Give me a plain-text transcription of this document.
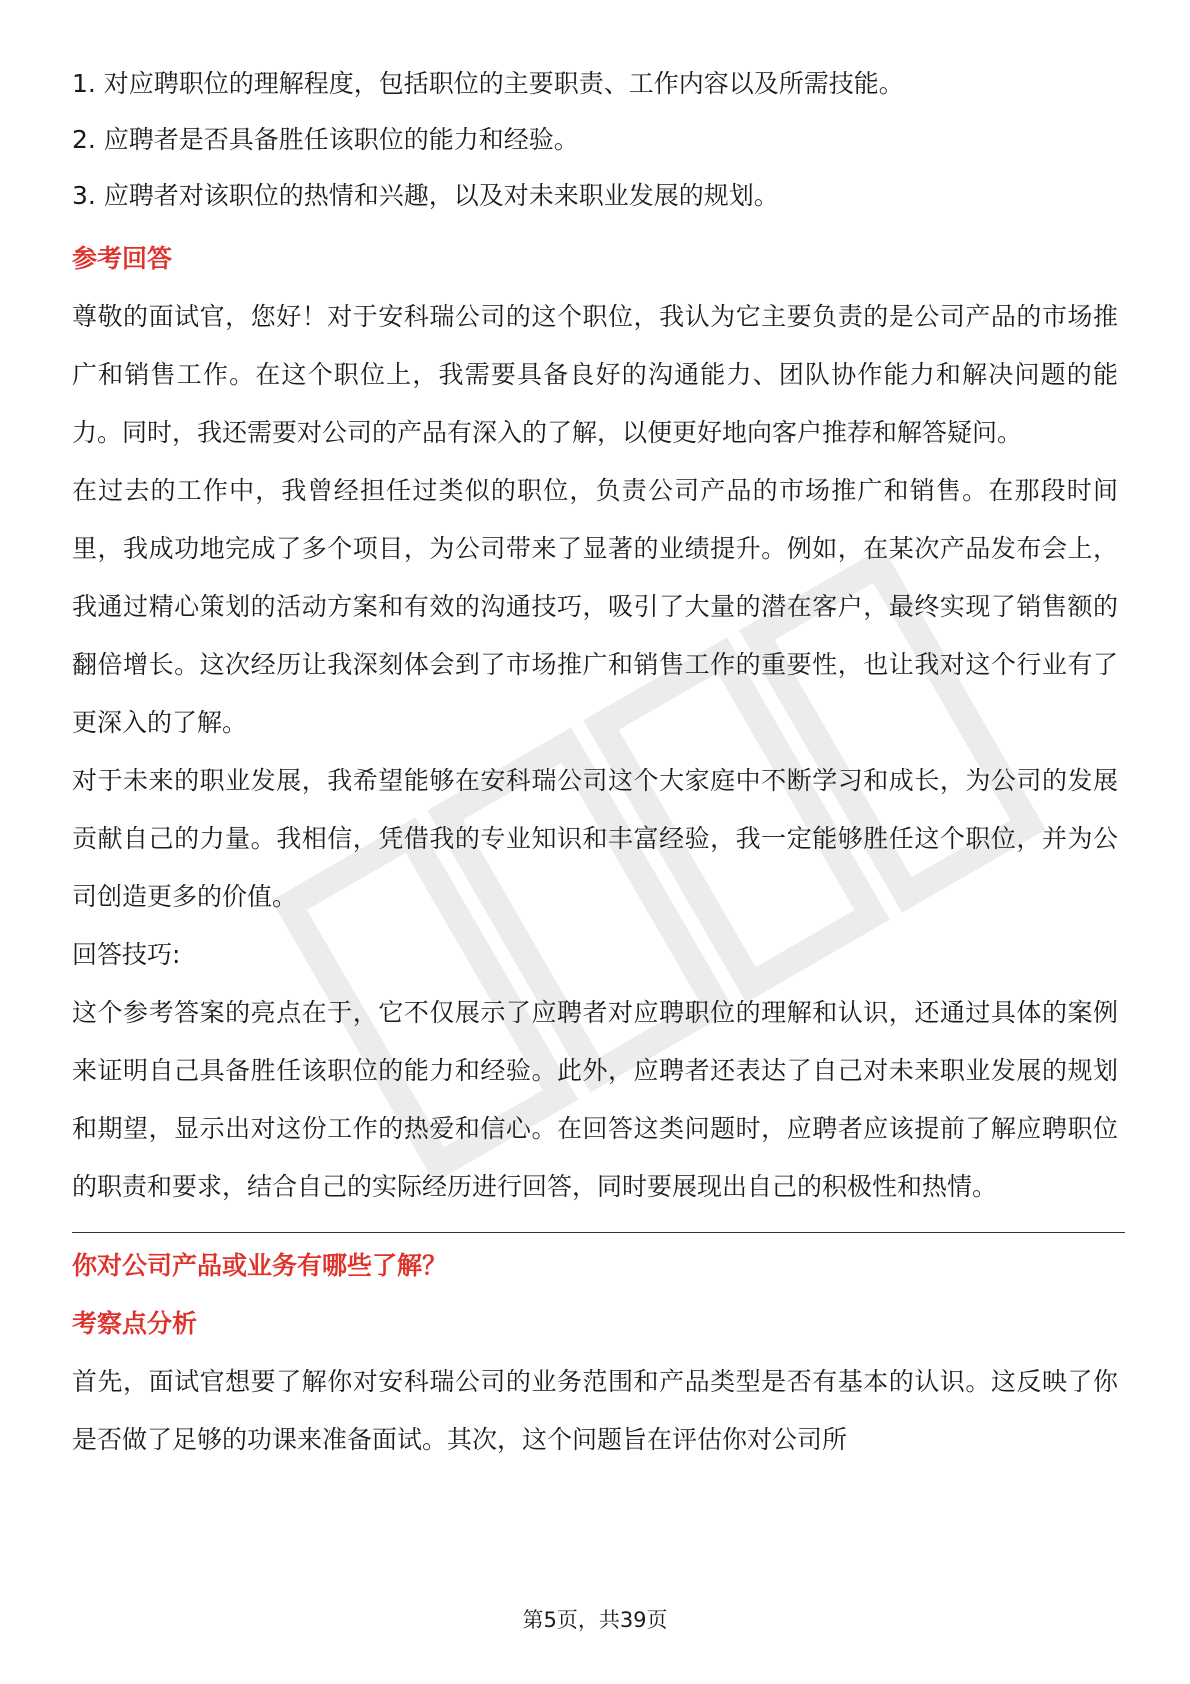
1. 对应聘职位的理解程度，包括职位的主要职责、工作内容以及所需技能。

2. 应聘者是否具备胜任该职位的能力和经验。

3. 应聘者对该职位的热情和兴趣，以及对未来职业发展的规划。

参考回答

尊敬的面试官，您好！对于安科瑞公司的这个职位，我认为它主要负责的是公司产品的市场推广和销售工作。在这个职位上，我需要具备良好的沟通能力、团队协作能力和解决问题的能力。同时，我还需要对公司的产品有深入的了解，以便更好地向客户推荐和解答疑问。

在过去的工作中，我曾经担任过类似的职位，负责公司产品的市场推广和销售。在那段时间里，我成功地完成了多个项目，为公司带来了显著的业绩提升。例如，在某次产品发布会上，我通过精心策划的活动方案和有效的沟通技巧，吸引了大量的潜在客户，最终实现了销售额的翻倍增长。这次经历让我深刻体会到了市场推广和销售工作的重要性，也让我对这个行业有了更深入的了解。

对于未来的职业发展，我希望能够在安科瑞公司这个大家庭中不断学习和成长，为公司的发展贡献自己的力量。我相信，凭借我的专业知识和丰富经验，我一定能够胜任这个职位，并为公司创造更多的价值。

回答技巧:

这个参考答案的亮点在于，它不仅展示了应聘者对应聘职位的理解和认识，还通过具体的案例来证明自己具备胜任该职位的能力和经验。此外，应聘者还表达了自己对未来职业发展的规划和期望，显示出对这份工作的热爱和信心。在回答这类问题时，应聘者应该提前了解应聘职位的职责和要求，结合自己的实际经历进行回答，同时要展现出自己的积极性和热情。

你对公司产品或业务有哪些了解？

考察点分析

首先，面试官想要了解你对安科瑞公司的业务范围和产品类型是否有基本的认识。这反映了你是否做了足够的功课来准备面试。其次，这个问题旨在评估你对公司所

第5页，共39页
